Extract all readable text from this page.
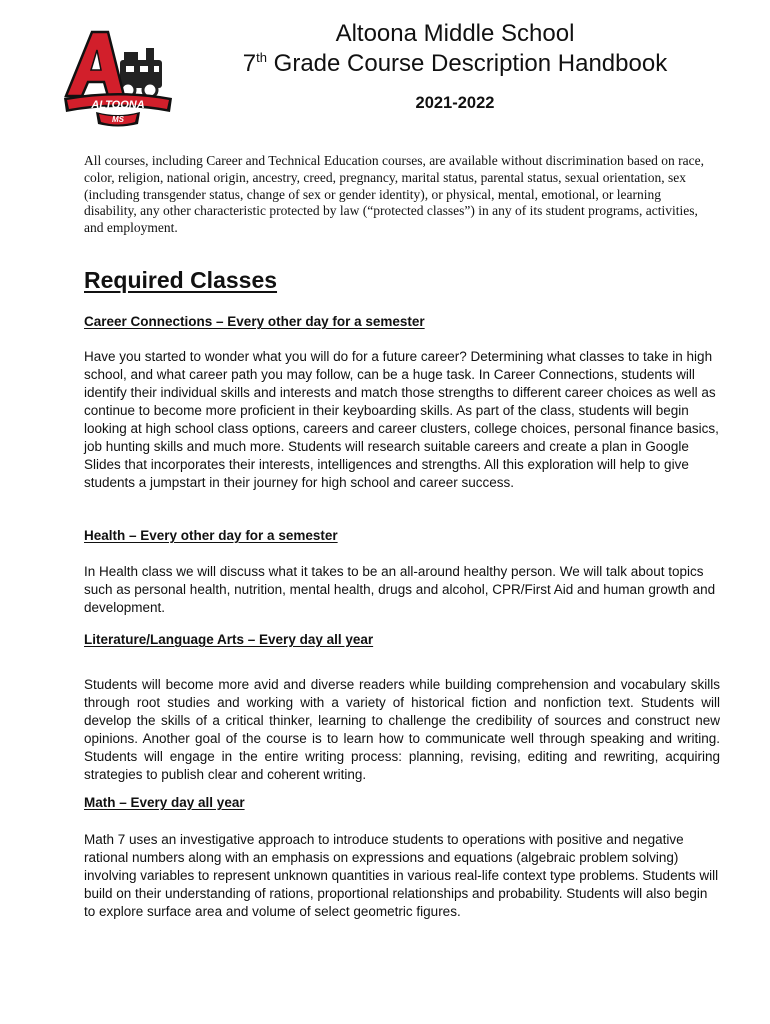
ALTOONA
MS
Altoona Middle School
7th Grade Course Description Handbook
2021-2022
All courses, including Career and Technical Education courses, are available without discrimination based on race, color, religion, national origin, ancestry, creed, pregnancy, marital status, parental status, sexual orientation, sex (including transgender status, change of sex or gender identity), or physical, mental, emotional, or learning disability, any other characteristic protected by law (“protected classes”) in any of its student programs, activities, and employment.
Required Classes
Career Connections – Every other day for a semester
Have you started to wonder what you will do for a future career? Determining what classes to take in high school, and what career path you may follow, can be a huge task. In Career Connections, students will identify their individual skills and interests and match those strengths to different career choices as well as continue to become more proficient in their keyboarding skills. As part of the class, students will begin looking at high school class options, careers and career clusters, college choices, personal finance basics, job hunting skills and much more. Students will research suitable careers and create a plan in Google Slides that incorporates their interests, intelligences and strengths. All this exploration will help to give students a jumpstart in their journey for high school and career success.
Health – Every other day for a semester
In Health class we will discuss what it takes to be an all-around healthy person. We will talk about topics such as personal health, nutrition, mental health, drugs and alcohol, CPR/First Aid and human growth and development.
Literature/Language Arts – Every day all year
Students will become more avid and diverse readers while building comprehension and vocabulary skills through root studies and working with a variety of historical fiction and nonfiction text. Students will develop the skills of a critical thinker, learning to challenge the credibility of sources and construct new opinions. Another goal of the course is to learn how to communicate well through speaking and writing. Students will engage in the entire writing process: planning, revising, editing and rewriting, acquiring strategies to publish clear and coherent writing.
Math – Every day all year
Math 7 uses an investigative approach to introduce students to operations with positive and negative rational numbers along with an emphasis on expressions and equations (algebraic problem solving) involving variables to represent unknown quantities in various real-life context type problems. Students will build on their understanding of rations, proportional relationships and probability. Students will also begin to explore surface area and volume of select geometric figures.
